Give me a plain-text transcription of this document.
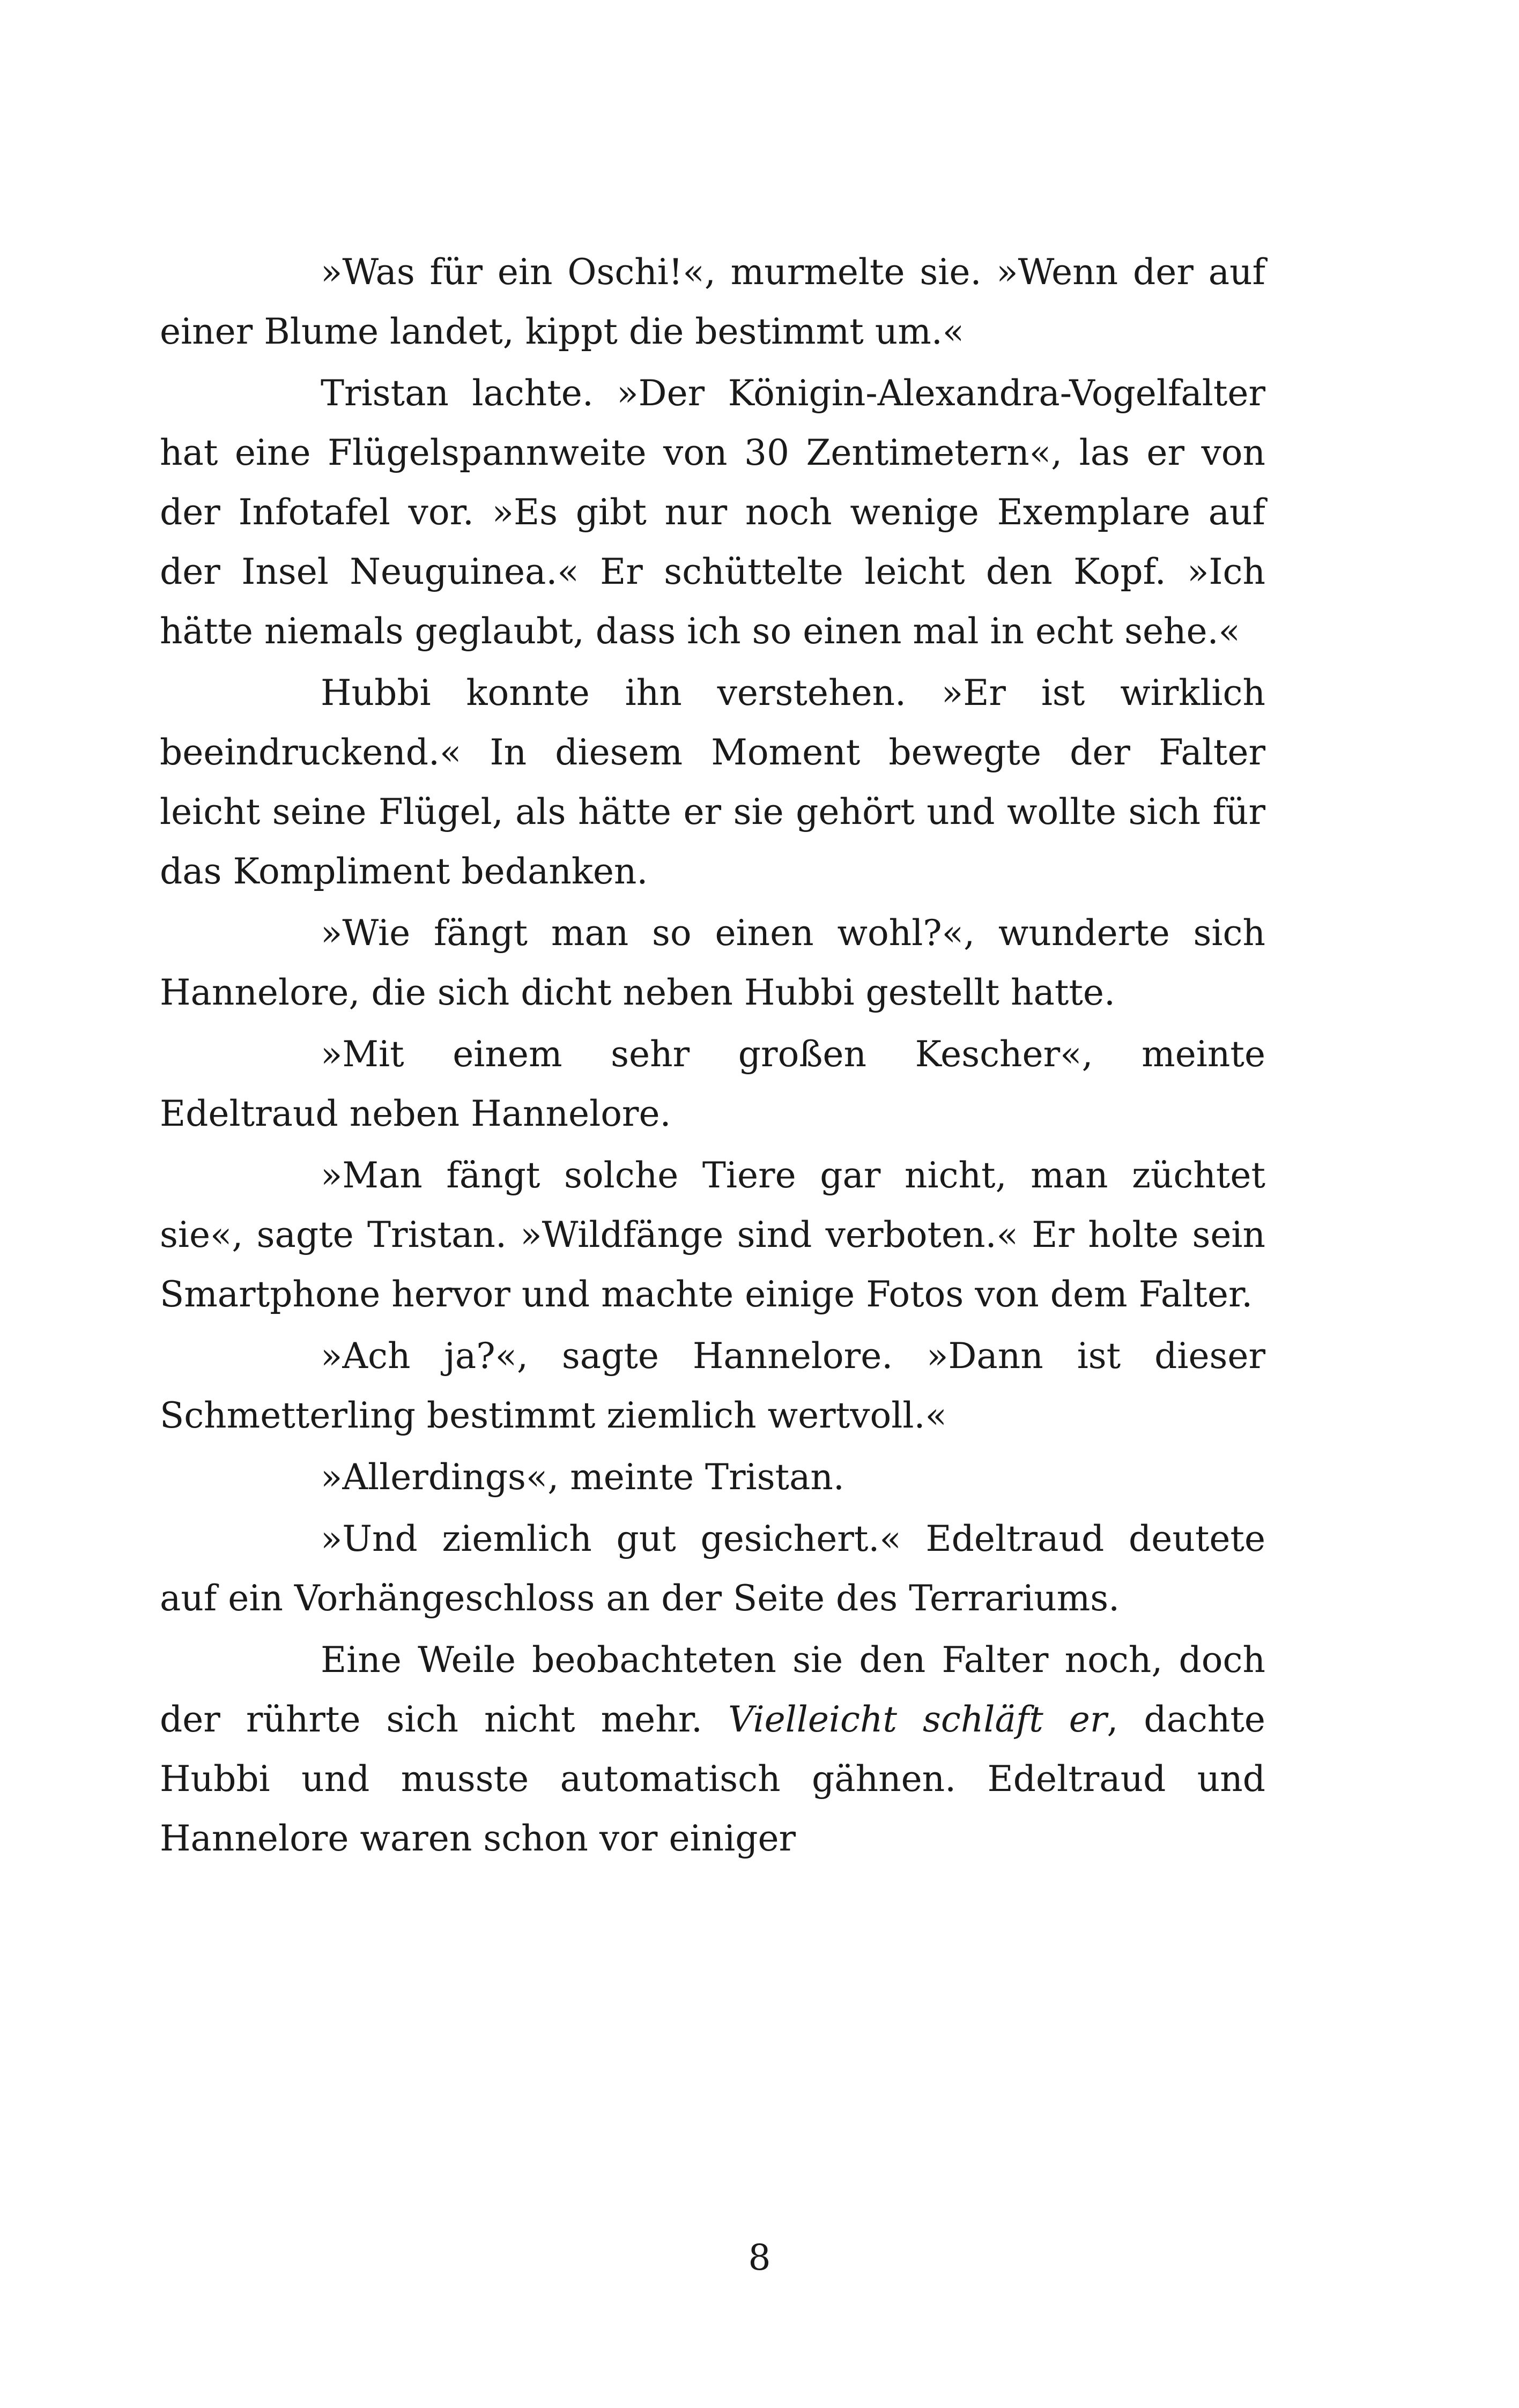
»Was für ein Oschi!«, murmelte sie. »Wenn der auf einer Blume landet, kippt die bestimmt um.«

Tristan lachte. »Der Königin-Alexandra-Vogelfalter hat eine Flügelspannweite von 30 Zentimetern«, las er von der Infotafel vor. »Es gibt nur noch wenige Exemplare auf der Insel Neuguinea.« Er schüttelte leicht den Kopf. »Ich hätte niemals geglaubt, dass ich so einen mal in echt sehe.«

Hubbi konnte ihn verstehen. »Er ist wirklich beeindruckend.« In diesem Moment bewegte der Falter leicht seine Flügel, als hätte er sie gehört und wollte sich für das Kompliment bedanken.

»Wie fängt man so einen wohl?«, wunderte sich Hannelore, die sich dicht neben Hubbi gestellt hatte.

»Mit einem sehr großen Kescher«, meinte Edeltraud neben Hannelore.

»Man fängt solche Tiere gar nicht, man züchtet sie«, sagte Tristan. »Wildfänge sind verboten.« Er holte sein Smartphone hervor und machte einige Fotos von dem Falter.

»Ach ja?«, sagte Hannelore. »Dann ist dieser Schmetterling bestimmt ziemlich wertvoll.«

»Allerdings«, meinte Tristan.

»Und ziemlich gut gesichert.« Edeltraud deutete auf ein Vorhängeschloss an der Seite des Terrariums.

Eine Weile beobachteten sie den Falter noch, doch der rührte sich nicht mehr. Vielleicht schläft er, dachte Hubbi und musste automatisch gähnen. Edeltraud und Hannelore waren schon vor einiger

8
